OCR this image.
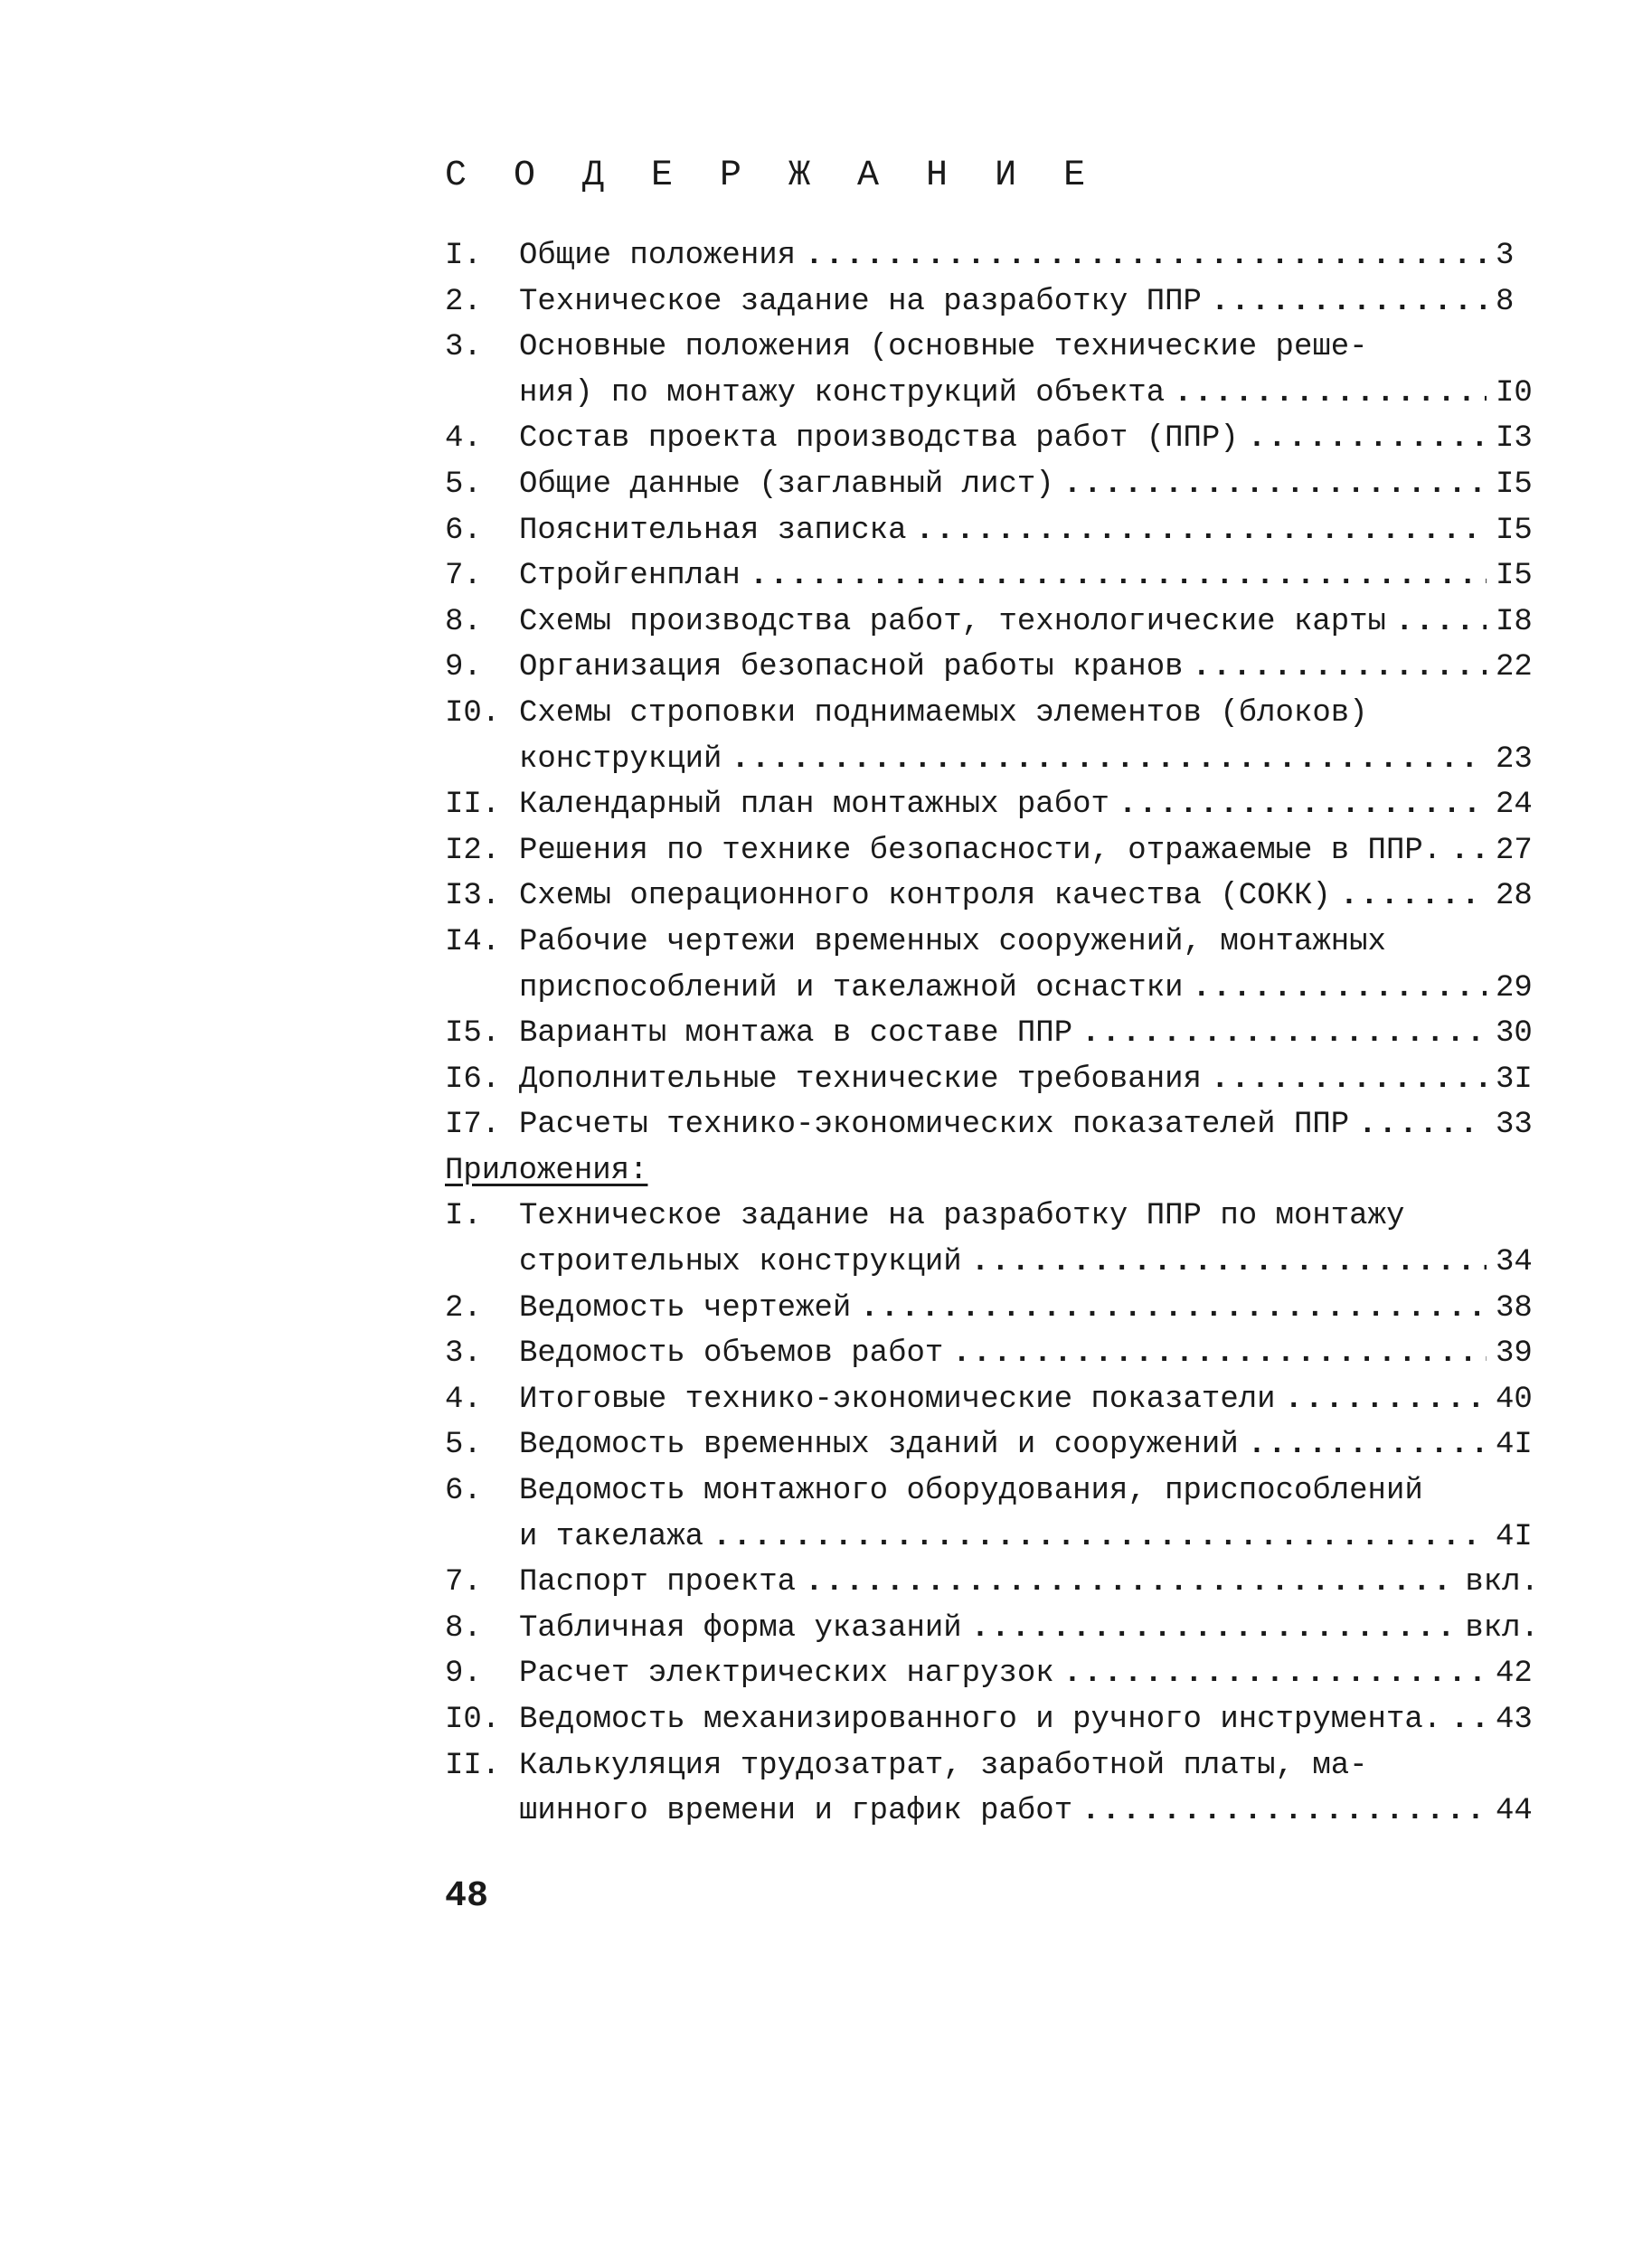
С О Д Е Р Ж А Н И Е
I.	Общие положения .....	3
2.	Техническое задание на разработку ППР .....	8
3.	Основные положения (основные технические реше-
ния) по монтажу конструкций объекта .....	I0
4.	Состав проекта производства работ (ППР) .....	I3
5.	Общие данные (заглавный лист) .....	I5
6.	Пояснительная записка .....	I5
7.	Стройгенплан .....	I5
8.	Схемы производства работ, технологические карты .....	I8
9.	Организация безопасной работы кранов .....	22
I0. Схемы строповки поднимаемых элементов (блоков)
конструкций .....	23
II. Календарный план монтажных работ .....	24
I2. Решения по технике безопасности, отражаемые в ППР. ..... 27
I3. Схемы операционного контроля качества (СОКК) .....	28
I4. Рабочие чертежи временных сооружений, монтажных
приспособлений и такелажной оснастки .....	29
I5. Варианты монтажа в составе ППР .....	30
I6. Дополнительные технические требования .....	3I
I7. Расчеты технико-экономических показателей ППР .....	33
Приложения:
I.	Техническое задание на разработку ППР по монтажу
строительных конструкций .....	34
2.	Ведомость чертежей .....	38
3.	Ведомость объемов работ .....	39
4.	Итоговые технико-экономические показатели .....	40
5.	Ведомость временных зданий и сооружений .....	4I
6.	Ведомость монтажного оборудования, приспособлений
и такелажа .....	4I
7.	Паспорт проекта .....	вкл.
8.	Табличная форма указаний .....	вкл.
9.	Расчет электрических нагрузок .....	42
I0. Ведомость механизированного и ручного инструмента. ..... 43
II. Калькуляция трудозатрат, заработной платы, ма-
шинного времени и график работ .....	44
48
